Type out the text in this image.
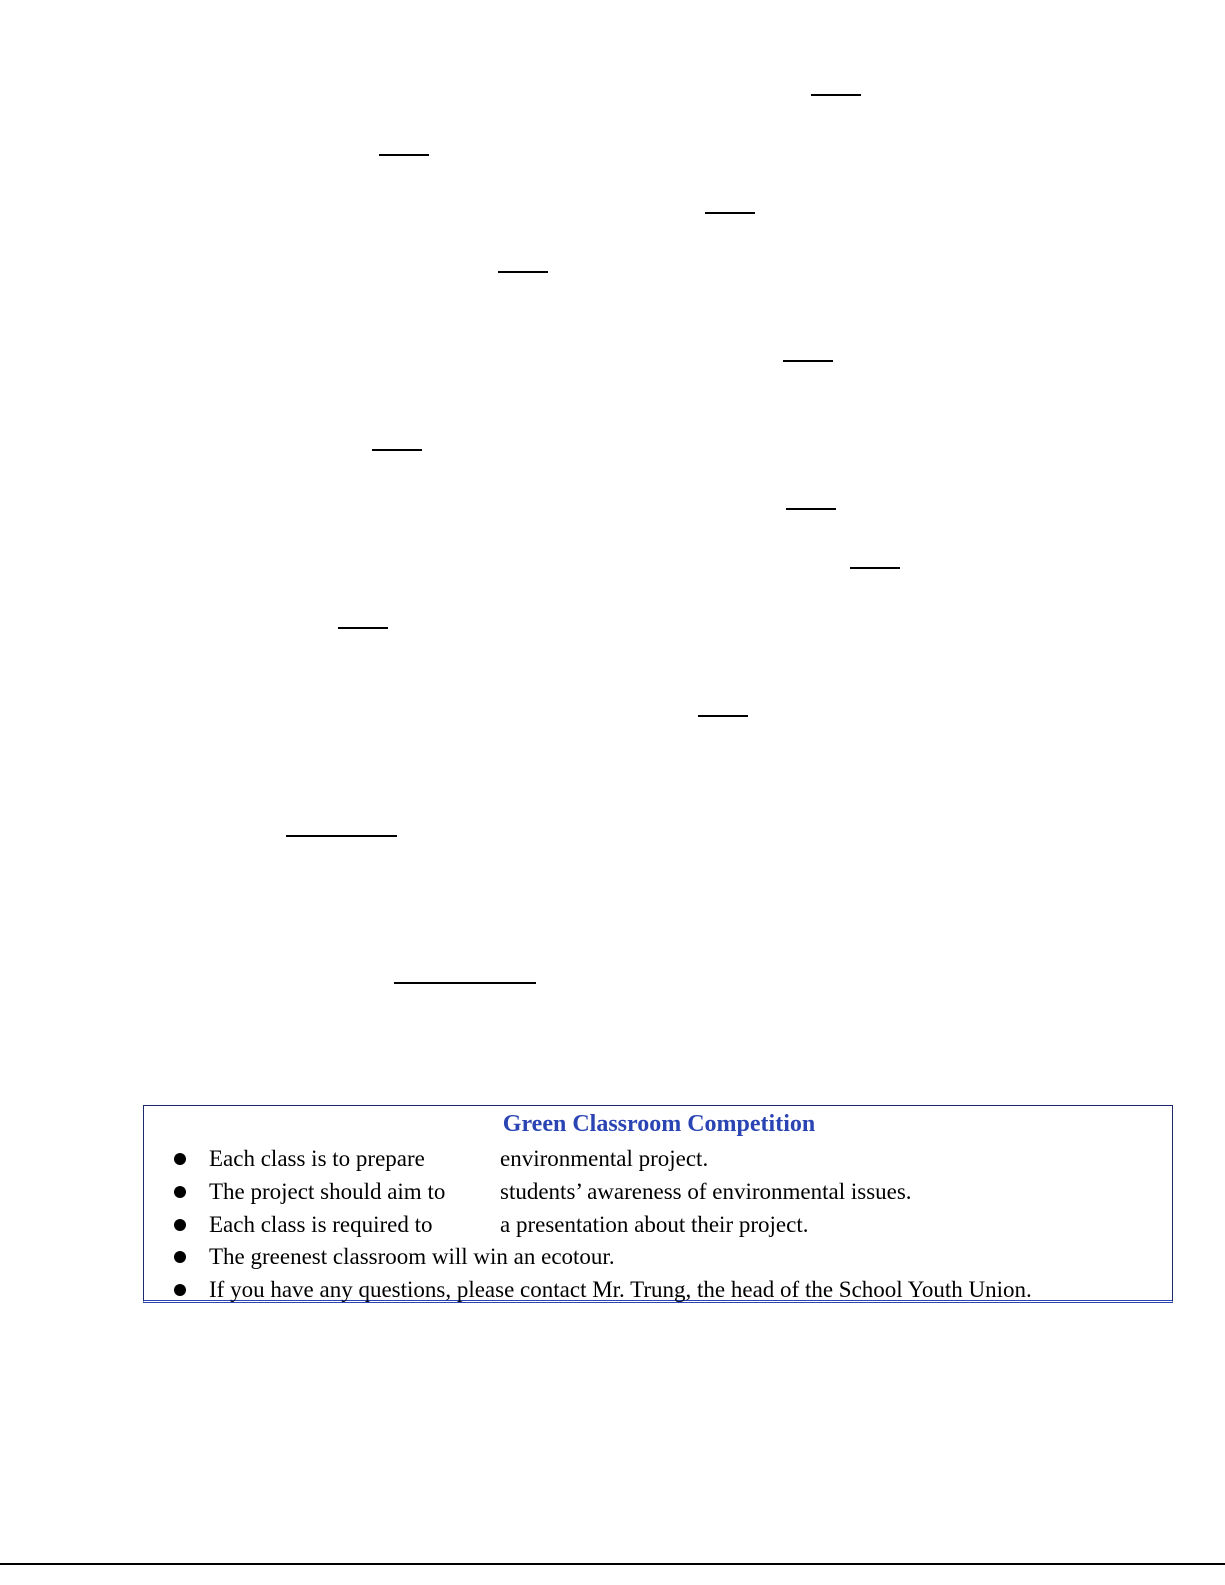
Green Classroom Competition
Each class is to prepare	environmental project.
The project should aim to students’ awareness of environmental issues.
Each class is required to	a presentation about their project.
The greenest classroom will win an ecotour.
If you have any questions, please contact Mr. Trung, the head of the School Youth Union.
